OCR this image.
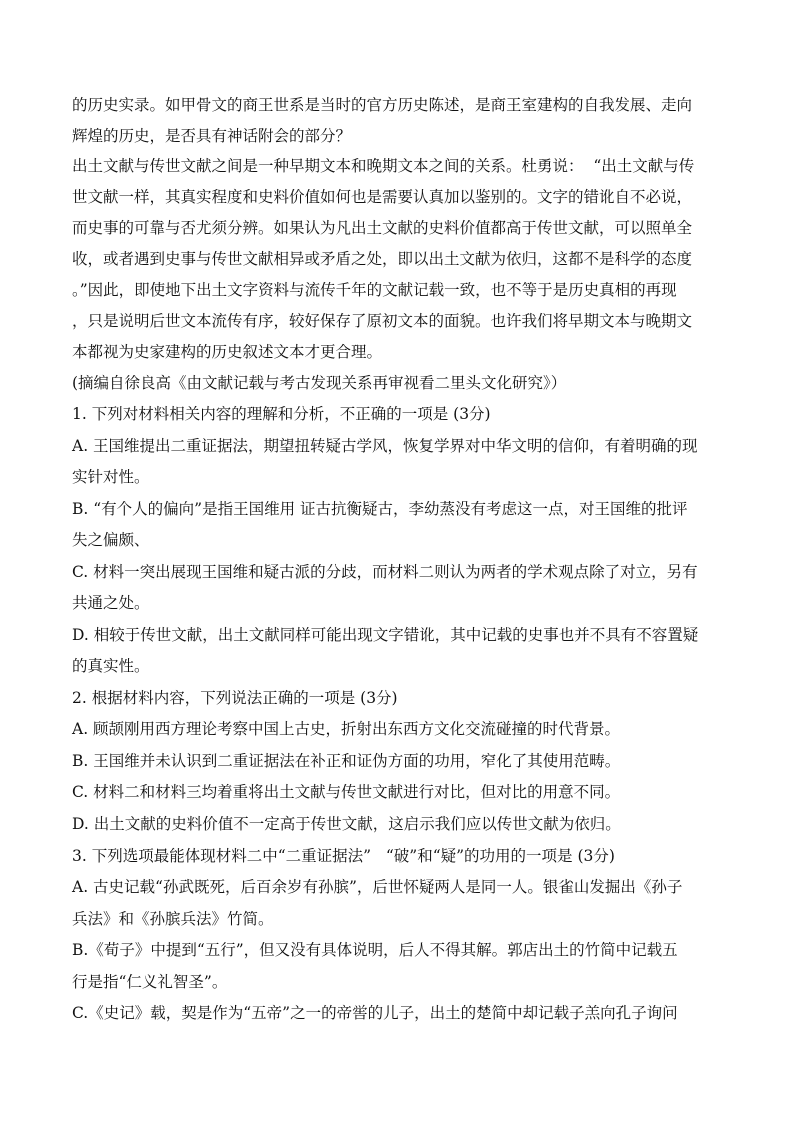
的历史实录。如甲骨文的商王世系是当时的官方历史陈述，是商王室建构的自我发展、走向
辉煌的历史，是否具有神话附会的部分？
出土文献与传世文献之间是一种早期文本和晚期文本之间的关系。杜勇说：  “出土文献与传
世文献一样，其真实程度和史料价值如何也是需要认真加以鉴别的。文字的错讹自不必说，
而史事的可靠与否尤须分辨。如果认为凡出土文献的史料价值都高于传世文献，可以照单全
收，或者遇到史事与传世文献相异或矛盾之处，即以出土文献为依归，这都不是科学的态度
。”因此，即使地下出土文字资料与流传千年的文献记载一致，也不等于是历史真相的再现
，只是说明后世文本流传有序，较好保存了原初文本的面貌。也许我们将早期文本与晚期文
本都视为史家建构的历史叙述文本才更合理。
(摘编自徐良高《由文献记载与考古发现关系再审视看二里头文化研究》）
1. 下列对材料相关内容的理解和分析，不正确的一项是 (3分)
A. 王国维提出二重证据法，期望扭转疑古学风，恢复学界对中华文明的信仰，有着明确的现
实针对性。
B. “有个人的偏向”是指王国维用 证古抗衡疑古，李幼蒸没有考虑这一点，对王国维的批评
失之偏颇、
C. 材料一突出展现王国维和疑古派的分歧，而材料二则认为两者的学术观点除了对立，另有
共通之处。
D. 相较于传世文献，出土文献同样可能出现文字错讹，其中记载的史事也并不具有不容置疑
的真实性。
2. 根据材料内容，下列说法正确的一项是 (3分)
A. 顾颉刚用西方理论考察中国上古史，折射出东西方文化交流碰撞的时代背景。
B. 王国维并未认识到二重证据法在补正和证伪方面的功用，窄化了其使用范畴。
C. 材料二和材料三均着重将出土文献与传世文献进行对比，但对比的用意不同。
D. 出土文献的史料价值不一定高于传世文献，这启示我们应以传世文献为依归。
3. 下列选项最能体现材料二中“二重证据法”   “破”和“疑”的功用的一项是 (3分)
A. 古史记载“孙武既死，后百余岁有孙膑”，后世怀疑两人是同一人。银雀山发掘出《孙子
兵法》和《孙膑兵法》竹简。
B.《荀子》中提到“五行”，但又没有具体说明，后人不得其解。郭店出土的竹简中记载五
行是指“仁义礼智圣”。
C.《史记》载，契是作为“五帝”之一的帝喾的儿子，出土的楚简中却记载子羔向孔子询问
